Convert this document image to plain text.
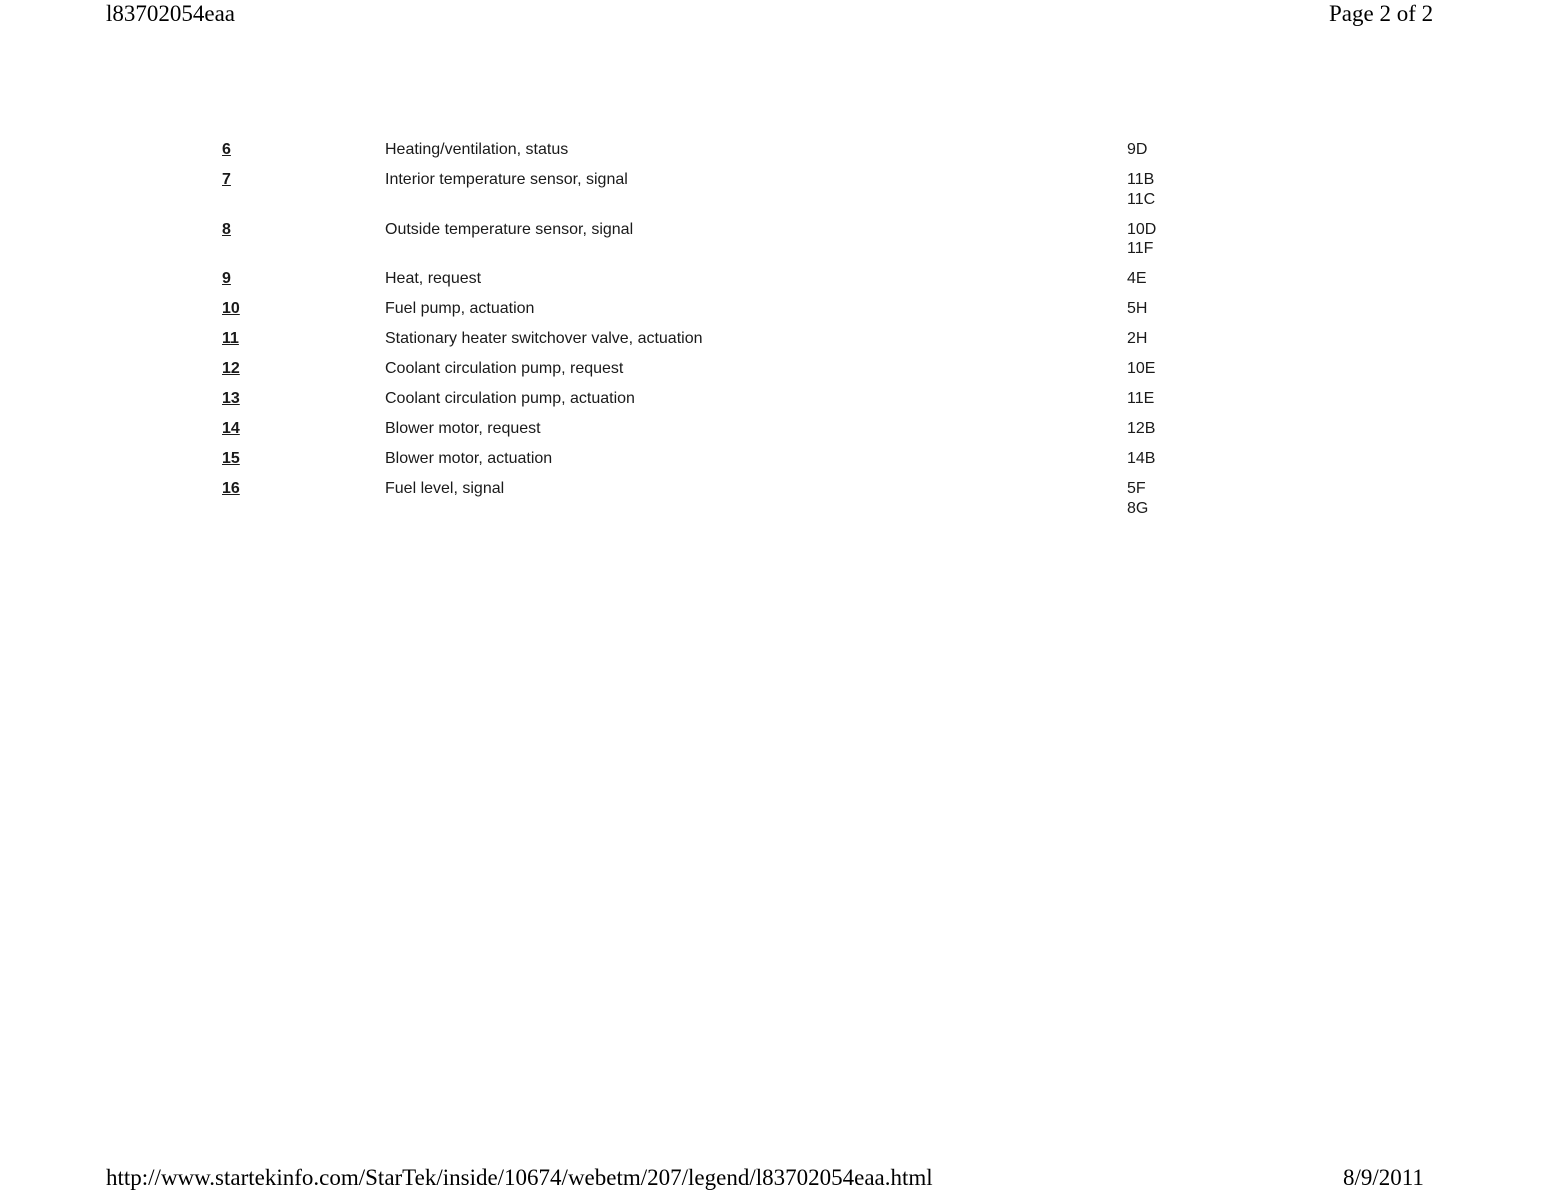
l83702054eaa	Page 2 of 2
6	Heating/ventilation, status	9D
7	Interior temperature sensor, signal	11B
11C
8	Outside temperature sensor, signal	10D
11F
9	Heat, request	4E
10	Fuel pump, actuation	5H
11	Stationary heater switchover valve, actuation	2H
12	Coolant circulation pump, request	10E
13	Coolant circulation pump, actuation	11E
14	Blower motor, request	12B
15	Blower motor, actuation	14B
16	Fuel level, signal	5F
8G
http://www.startekinfo.com/StarTek/inside/10674/webetm/207/legend/l83702054eaa.html	8/9/2011
